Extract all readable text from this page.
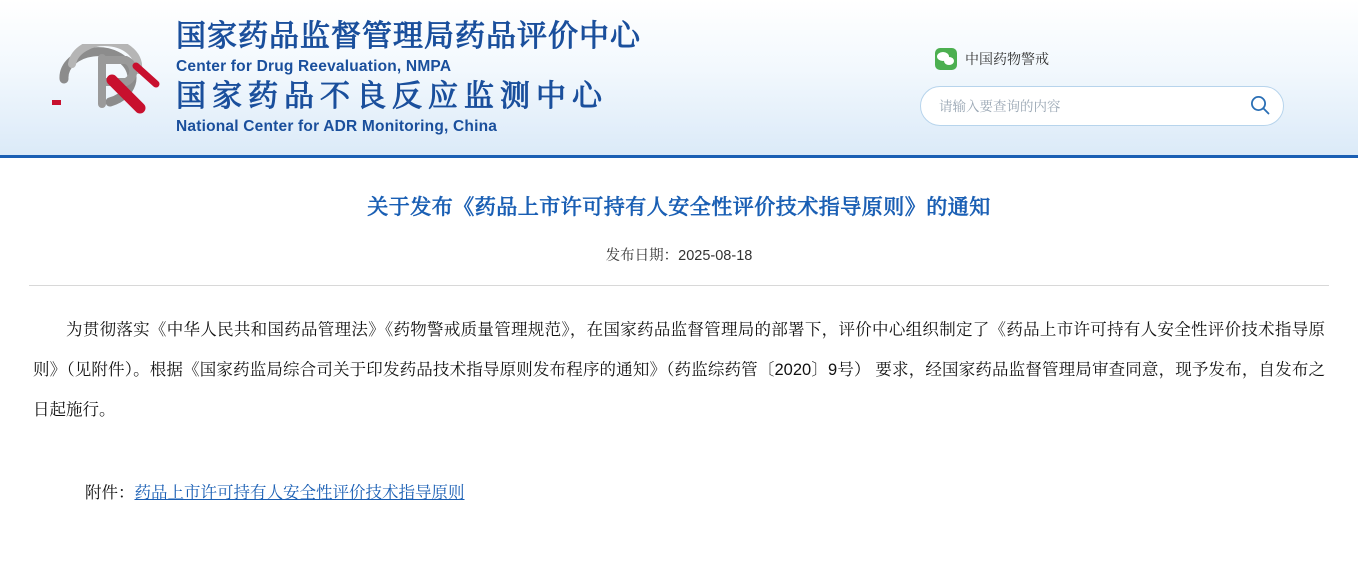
国家药品监督管理局药品评价中心
Center for Drug Reevaluation, NMPA
国家药品不良反应监测中心
National Center for ADR Monitoring, China
中国药物警戒
请输入要查询的内容
关于发布《药品上市许可持有人安全性评价技术指导原则》的通知
发布日期：2025-08-18
为贯彻落实《中华人民共和国药品管理法》《药物警戒质量管理规范》，在国家药品监督管理局的部署下，评价中心组织制定了《药品上市许可持有人安全性评价技术指导原则》（见附件）。根据《国家药监局综合司关于印发药品技术指导原则发布程序的通知》（药监综药管〔2020〕9号） 要求，经国家药品监督管理局审查同意，现予发布，自发布之日起施行。
附件：药品上市许可持有人安全性评价技术指导原则
